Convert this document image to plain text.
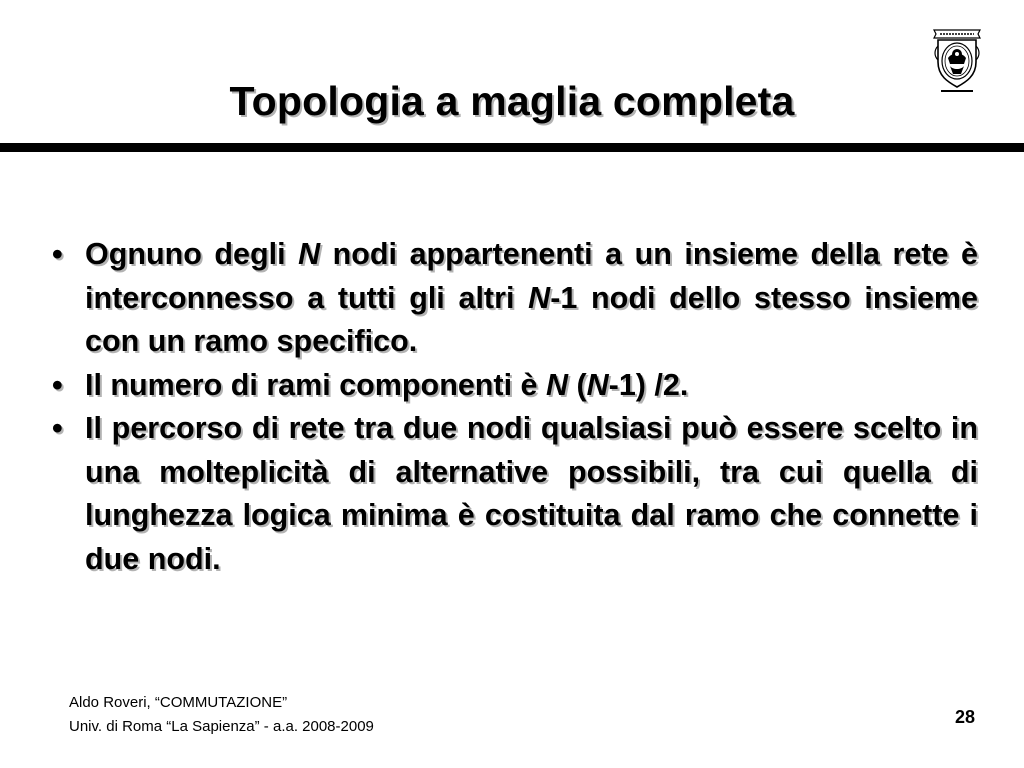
Topologia a maglia completa
• Ognuno degli N nodi appartenenti a un insieme della rete è interconnesso a tutti gli altri N-1 nodi dello stesso insieme con un ramo specifico.
• Il numero di rami componenti è N (N-1) /2.
• Il percorso di rete tra due nodi qualsiasi può essere scelto in una molteplicità di alternative possibili, tra cui quella di lunghezza logica minima è costituita dal ramo che connette i due nodi.
Aldo Roveri, “COMMUTAZIONE”
Univ. di Roma “La Sapienza” - a.a. 2008-2009	28
